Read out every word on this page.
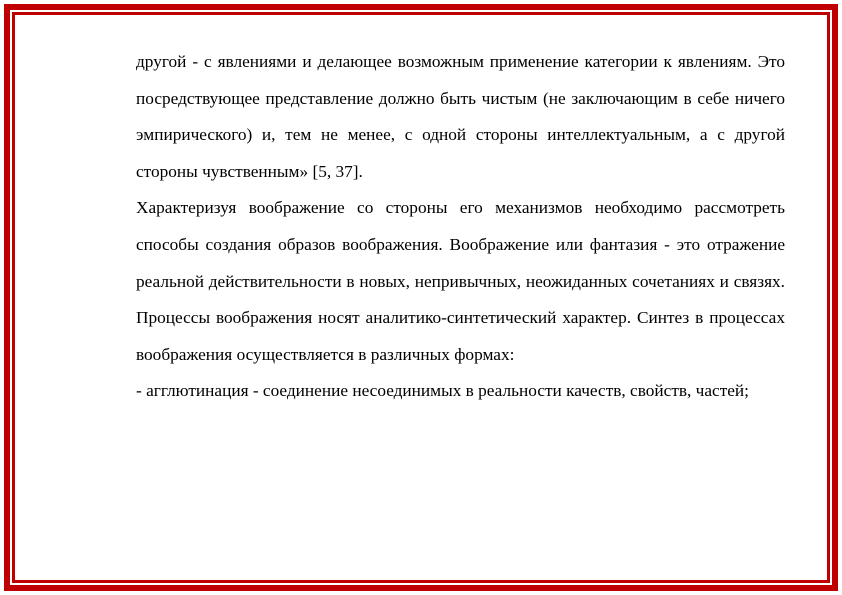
другой - с явлениями и делающее возможным применение категории к явлениям. Это посредствующее представление должно быть чистым (не заключающим в себе ничего эмпирического) и, тем не менее, с одной стороны интеллектуальным, а с другой стороны чувственным» [5, 37].

Характеризуя воображение со стороны его механизмов необходимо рассмотреть способы создания образов воображения. Воображение или фантазия - это отражение реальной действительности в новых, непривычных, неожиданных сочетаниях и связях. Процессы воображения носят аналитико-синтетический характер. Синтез в процессах воображения осуществляется в различных формах:

- агглютинация - соединение несоединимых в реальности качеств, свойств, частей;
